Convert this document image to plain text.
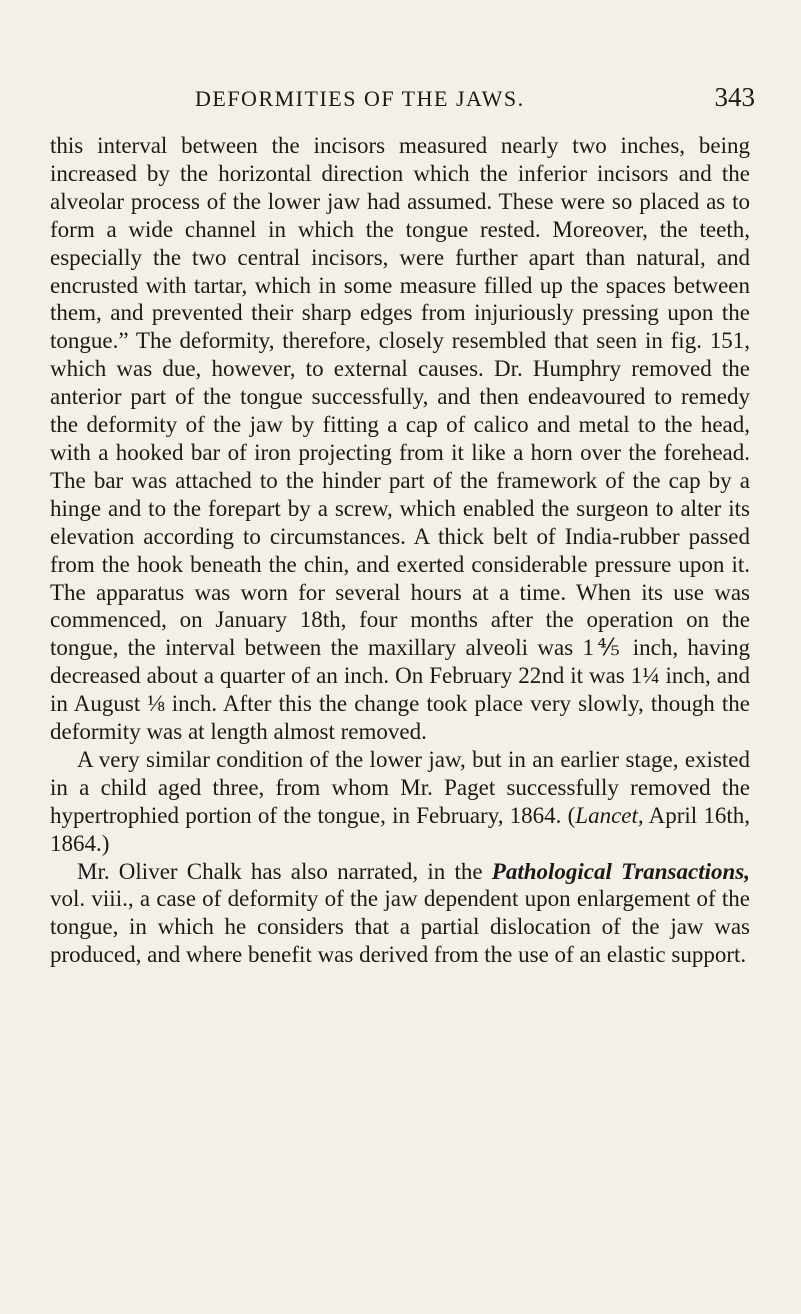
DEFORMITIES OF THE JAWS.	343

this interval between the incisors measured nearly two inches, being increased by the horizontal direction which the inferior incisors and the alveolar process of the lower jaw had assumed. These were so placed as to form a wide channel in which the tongue rested. Moreover, the teeth, especially the two central incisors, were further apart than natural, and encrusted with tartar, which in some measure filled up the spaces between them, and prevented their sharp edges from injuriously pressing upon the tongue.” The deformity, therefore, closely resembled that seen in fig. 151, which was due, however, to external causes. Dr. Humphry removed the anterior part of the tongue successfully, and then endeavoured to remedy the deformity of the jaw by fitting a cap of calico and metal to the head, with a hooked bar of iron projecting from it like a horn over the forehead. The bar was attached to the hinder part of the framework of the cap by a hinge and to the forepart by a screw, which enabled the surgeon to alter its elevation according to circumstances. A thick belt of India-rubber passed from the hook beneath the chin, and exerted considerable pressure upon it. The apparatus was worn for several hours at a time. When its use was commenced, on January 18th, four months after the operation on the tongue, the interval between the maxillary alveoli was 1⅘ inch, having decreased about a quarter of an inch. On February 22nd it was 1¼ inch, and in August ⅛ inch. After this the change took place very slowly, though the deformity was at length almost removed.

A very similar condition of the lower jaw, but in an earlier stage, existed in a child aged three, from whom Mr. Paget successfully removed the hypertrophied portion of the tongue, in February, 1864. (Lancet, April 16th, 1864.)

Mr. Oliver Chalk has also narrated, in the Pathological Transactions, vol. viii., a case of deformity of the jaw dependent upon enlargement of the tongue, in which he considers that a partial dislocation of the jaw was produced, and where benefit was derived from the use of an elastic support.
